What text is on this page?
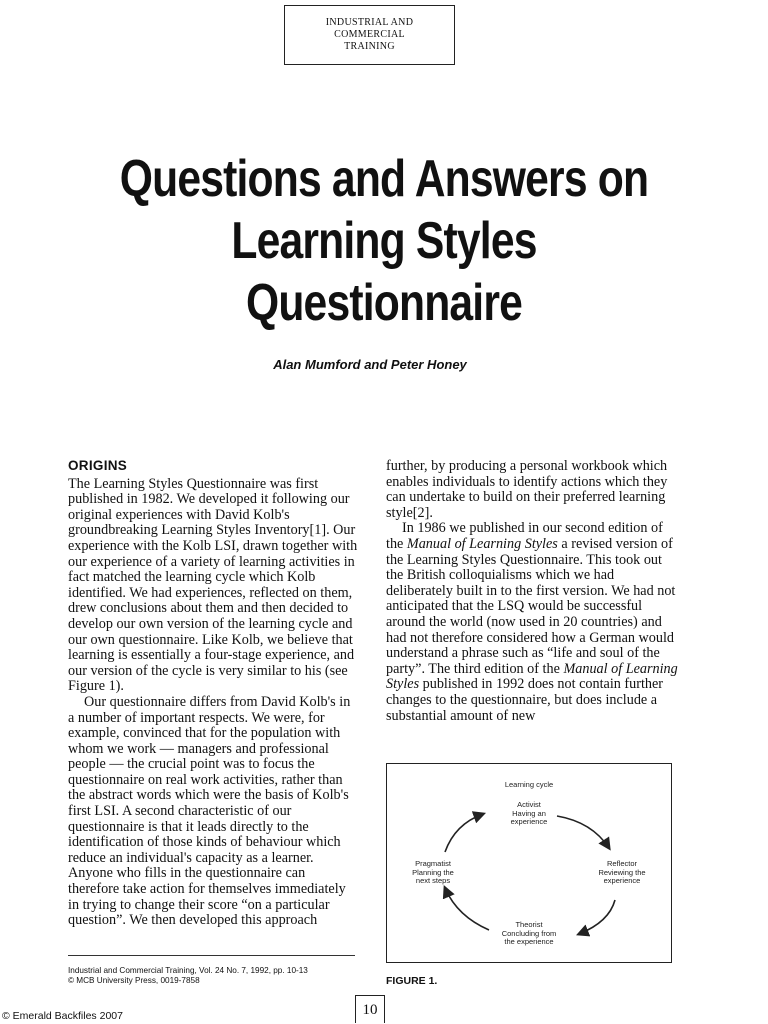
INDUSTRIAL AND
COMMERCIAL
TRAINING
Questions and Answers on
Learning Styles
Questionnaire
Alan Mumford and Peter Honey
ORIGINS

The Learning Styles Questionnaire was first published in 1982. We developed it following our original experiences with David Kolb's groundbreaking Learning Styles Inventory[1]. Our experience with the Kolb LSI, drawn together with our experience of a variety of learning activities in fact matched the learning cycle which Kolb identified. We had experiences, reflected on them, drew conclusions about them and then decided to develop our own version of the learning cycle and our own questionnaire. Like Kolb, we believe that learning is essentially a four-stage experience, and our version of the cycle is very similar to his (see Figure 1).

Our questionnaire differs from David Kolb's in a number of important respects. We were, for example, convinced that for the population with whom we work — managers and professional people — the crucial point was to focus the questionnaire on real work activities, rather than the abstract words which were the basis of Kolb's first LSI. A second characteristic of our questionnaire is that it leads directly to the identification of those kinds of behaviour which reduce an individual's capacity as a learner. Anyone who fills in the questionnaire can therefore take action for themselves immediately in trying to change their score “on a particular question”. We then developed this approach

further, by producing a personal workbook which enables individuals to identify actions which they can undertake to build on their preferred learning style[2].

In 1986 we published in our second edition of the Manual of Learning Styles a revised version of the Learning Styles Questionnaire. This took out the British colloquialisms which we had deliberately built in to the first version. We had not anticipated that the LSQ would be successful around the world (now used in 20 countries) and had not therefore considered how a German would understand a phrase such as “life and soul of the party”. The third edition of the Manual of Learning Styles published in 1992 does not contain further changes to the questionnaire, but does include a substantial amount of new

Learning cycle
Activist
Having an
experience
Reflector
Reviewing the
experience
Theorist
Concluding from
the experience
Pragmatist
Planning the
next steps
FIGURE 1.
Industrial and Commercial Training, Vol. 24 No. 7, 1992, pp. 10-13
© MCB University Press, 0019-7858
10
© Emerald Backfiles 2007
